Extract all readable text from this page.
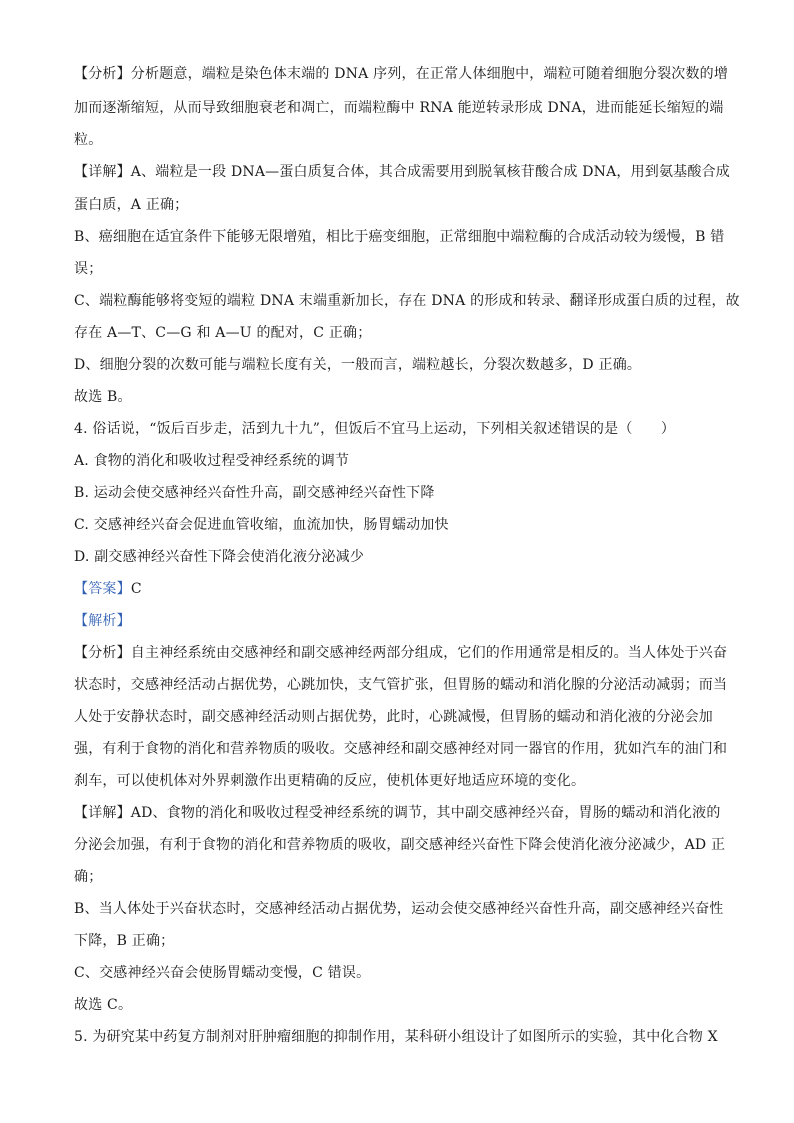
【分析】分析题意，端粒是染色体末端的 DNA 序列，在正常人体细胞中，端粒可随着细胞分裂次数的增
加而逐渐缩短，从而导致细胞衰老和凋亡，而端粒酶中 RNA 能逆转录形成 DNA，进而能延长缩短的端
粒。
【详解】A、端粒是一段 DNA—蛋白质复合体，其合成需要用到脱氧核苷酸合成 DNA，用到氨基酸合成
蛋白质，A 正确；
B、癌细胞在适宜条件下能够无限增殖，相比于癌变细胞，正常细胞中端粒酶的合成活动较为缓慢，B 错
误；
C、端粒酶能够将变短的端粒 DNA 末端重新加长，存在 DNA 的形成和转录、翻译形成蛋白质的过程，故
存在 A—T、C—G 和 A—U 的配对，C 正确；
D、细胞分裂的次数可能与端粒长度有关，一般而言，端粒越长，分裂次数越多，D 正确。
故选 B。
4. 俗话说，“饭后百步走，活到九十九”，但饭后不宜马上运动，下列相关叙述错误的是（　　）
A. 食物的消化和吸收过程受神经系统的调节
B. 运动会使交感神经兴奋性升高，副交感神经兴奋性下降
C. 交感神经兴奋会促进血管收缩，血流加快，肠胃蠕动加快
D. 副交感神经兴奋性下降会使消化液分泌减少
【答案】C
【解析】
【分析】自主神经系统由交感神经和副交感神经两部分组成，它们的作用通常是相反的。当人体处于兴奋
状态时，交感神经活动占据优势，心跳加快，支气管扩张，但胃肠的蠕动和消化腺的分泌活动减弱；而当
人处于安静状态时，副交感神经活动则占据优势，此时，心跳减慢，但胃肠的蠕动和消化液的分泌会加
强，有利于食物的消化和营养物质的吸收。交感神经和副交感神经对同一器官的作用，犹如汽车的油门和
刹车，可以使机体对外界刺激作出更精确的反应，使机体更好地适应环境的变化。
【详解】AD、食物的消化和吸收过程受神经系统的调节，其中副交感神经兴奋，胃肠的蠕动和消化液的
分泌会加强，有利于食物的消化和营养物质的吸收，副交感神经兴奋性下降会使消化液分泌减少，AD 正
确；
B、当人体处于兴奋状态时，交感神经活动占据优势，运动会使交感神经兴奋性升高，副交感神经兴奋性
下降，B 正确；
C、交感神经兴奋会使肠胃蠕动变慢，C 错误。
故选 C。
5. 为研究某中药复方制剂对肝肿瘤细胞的抑制作用，某科研小组设计了如图所示的实验，其中化合物 X
